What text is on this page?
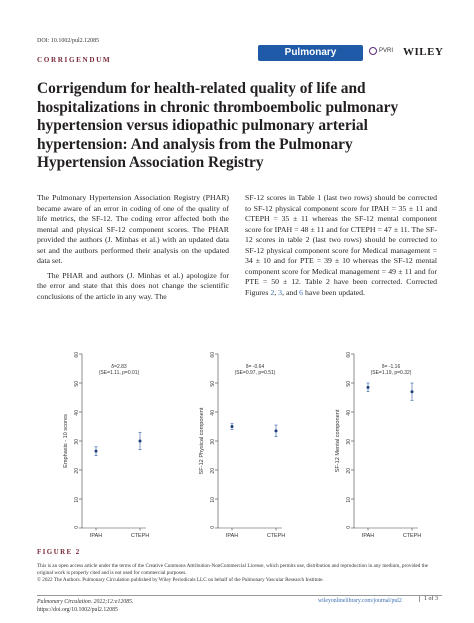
DOI: 10.1002/pul2.12085
CORRIGENDUM
Pulmonary Circulation
PVRI WILEY
Corrigendum for health-related quality of life and hospitalizations in chronic thromboembolic pulmonary hypertension versus idiopathic pulmonary arterial hypertension: And analysis from the Pulmonary Hypertension Association Registry

The Pulmonary Hypertension Association Registry (PHAR) became aware of an error in coding of one of the quality of life metrics, the SF-12. The coding error affected both the mental and physical SF-12 component scores. The PHAR provided the authors (J. Minhas et al.) with an updated data set and the authors performed their analysis on the updated data set.

The PHAR and authors (J. Minhas et al.) apologize for the error and state that this does not change the scientific conclusions of the article in any way. The

SF-12 scores in Table 1 (last two rows) should be corrected to SF-12 physical component score for IPAH = 35 ± 11 and CTEPH = 35 ± 11 whereas the SF-12 mental component score for IPAH = 48 ± 11 and for CTEPH = 47 ± 11. The SF-12 scores in table 2 (last two rows) should be corrected to SF-12 physical component score for Medical management = 34 ± 10 and for PTE = 39 ± 10 whereas the SF-12 mental component score for Medical management = 49 ± 11 and for PTE = 50 ± 12. Table 2 have been corrected. Corrected Figures 2, 3, and 6 have been updated.

0
10
20
30
40
50
60
Emphasis - 10 scores
δ=2.83
(SE=1.11, p=0.01)
IPAH	CTEPH
0
10
20
30
40
50
60
SF-12 Physical component
δ= -0.64
(SE=0.97, p=0.51)
IPAH	CTEPH
0
10
20
30
40
50
60
SF-12 Mental component
δ= -1.16
(SE=1.19, p=0.32)
IPAH	CTEPH
FIGURE 2
This is an open access article under the terms of the Creative Commons Attribution-NonCommercial License, which permits use, distribution and reproduction in any medium, provided the original work is properly cited and is not used for commercial purposes.
© 2022 The Authors. Pulmonary Circulation published by Wiley Periodicals LLC on behalf of the Pulmonary Vascular Research Institute.
Pulmonary Circulation. 2022;12:e12085.
https://doi.org/10.1002/pul2.12085
wileyonlinelibrary.com/journal/pul2	1 of 3
